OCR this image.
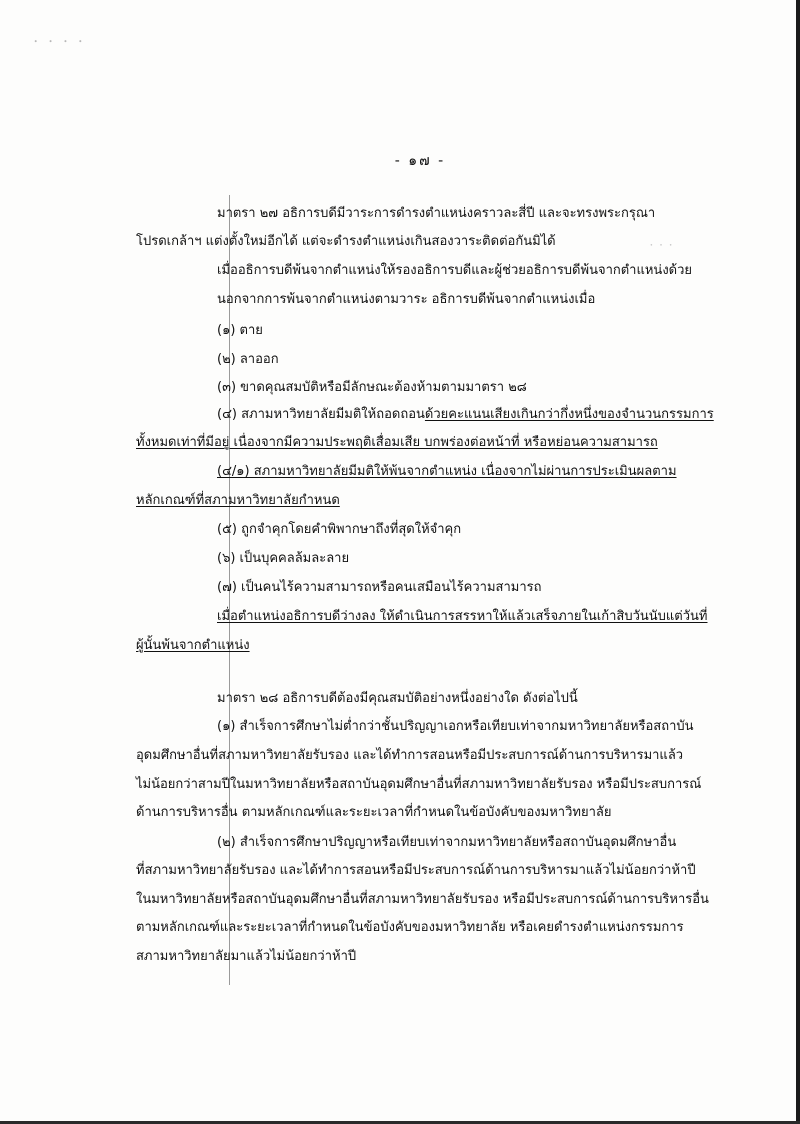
ꞏ ꞏ ꞏ ꞏ
ꞏ ꞏ ꞏ
- ๑๗ -
มาตรา ๒๗ อธิการบดีมีวาระการดำรงตำแหน่งคราวละสี่ปี และจะทรงพระกรุณา
โปรดเกล้าฯ แต่งตั้งใหม่อีกได้ แต่จะดำรงตำแหน่งเกินสองวาระติดต่อกันมิได้
เมื่ออธิการบดีพ้นจากตำแหน่งให้รองอธิการบดีและผู้ช่วยอธิการบดีพ้นจากตำแหน่งด้วย
นอกจากการพ้นจากตำแหน่งตามวาระ อธิการบดีพ้นจากตำแหน่งเมื่อ
(๑) ตาย
(๒) ลาออก
(๓) ขาดคุณสมบัติหรือมีลักษณะต้องห้ามตามมาตรา ๒๘
(๔) สภามหาวิทยาลัยมีมติให้ถอดถอนด้วยคะแนนเสียงเกินกว่ากึ่งหนึ่งของจำนวนกรรมการ
ทั้งหมดเท่าที่มีอยู่ เนื่องจากมีความประพฤติเสื่อมเสีย บกพร่องต่อหน้าที่ หรือหย่อนความสามารถ
(๔/๑) สภามหาวิทยาลัยมีมติให้พ้นจากตำแหน่ง เนื่องจากไม่ผ่านการประเมินผลตาม
หลักเกณฑ์ที่สภามหาวิทยาลัยกำหนด
(๕) ถูกจำคุกโดยคำพิพากษาถึงที่สุดให้จำคุก
(๖) เป็นบุคคลล้มละลาย
(๗) เป็นคนไร้ความสามารถหรือคนเสมือนไร้ความสามารถ
เมื่อตำแหน่งอธิการบดีว่างลง ให้ดำเนินการสรรหาให้แล้วเสร็จภายในเก้าสิบวันนับแต่วันที่
ผู้นั้นพ้นจากตำแหน่ง
มาตรา ๒๘ อธิการบดีต้องมีคุณสมบัติอย่างหนึ่งอย่างใด ดังต่อไปนี้
(๑) สำเร็จการศึกษาไม่ต่ำกว่าชั้นปริญญาเอกหรือเทียบเท่าจากมหาวิทยาลัยหรือสถาบัน
อุดมศึกษาอื่นที่สภามหาวิทยาลัยรับรอง และได้ทำการสอนหรือมีประสบการณ์ด้านการบริหารมาแล้ว
ไม่น้อยกว่าสามปีในมหาวิทยาลัยหรือสถาบันอุดมศึกษาอื่นที่สภามหาวิทยาลัยรับรอง หรือมีประสบการณ์
ด้านการบริหารอื่น ตามหลักเกณฑ์และระยะเวลาที่กำหนดในข้อบังคับของมหาวิทยาลัย
(๒) สำเร็จการศึกษาปริญญาหรือเทียบเท่าจากมหาวิทยาลัยหรือสถาบันอุดมศึกษาอื่น
ที่สภามหาวิทยาลัยรับรอง และได้ทำการสอนหรือมีประสบการณ์ด้านการบริหารมาแล้วไม่น้อยกว่าห้าปี
ในมหาวิทยาลัยหรือสถาบันอุดมศึกษาอื่นที่สภามหาวิทยาลัยรับรอง หรือมีประสบการณ์ด้านการบริหารอื่น
ตามหลักเกณฑ์และระยะเวลาที่กำหนดในข้อบังคับของมหาวิทยาลัย หรือเคยดำรงตำแหน่งกรรมการ
สภามหาวิทยาลัยมาแล้วไม่น้อยกว่าห้าปี
